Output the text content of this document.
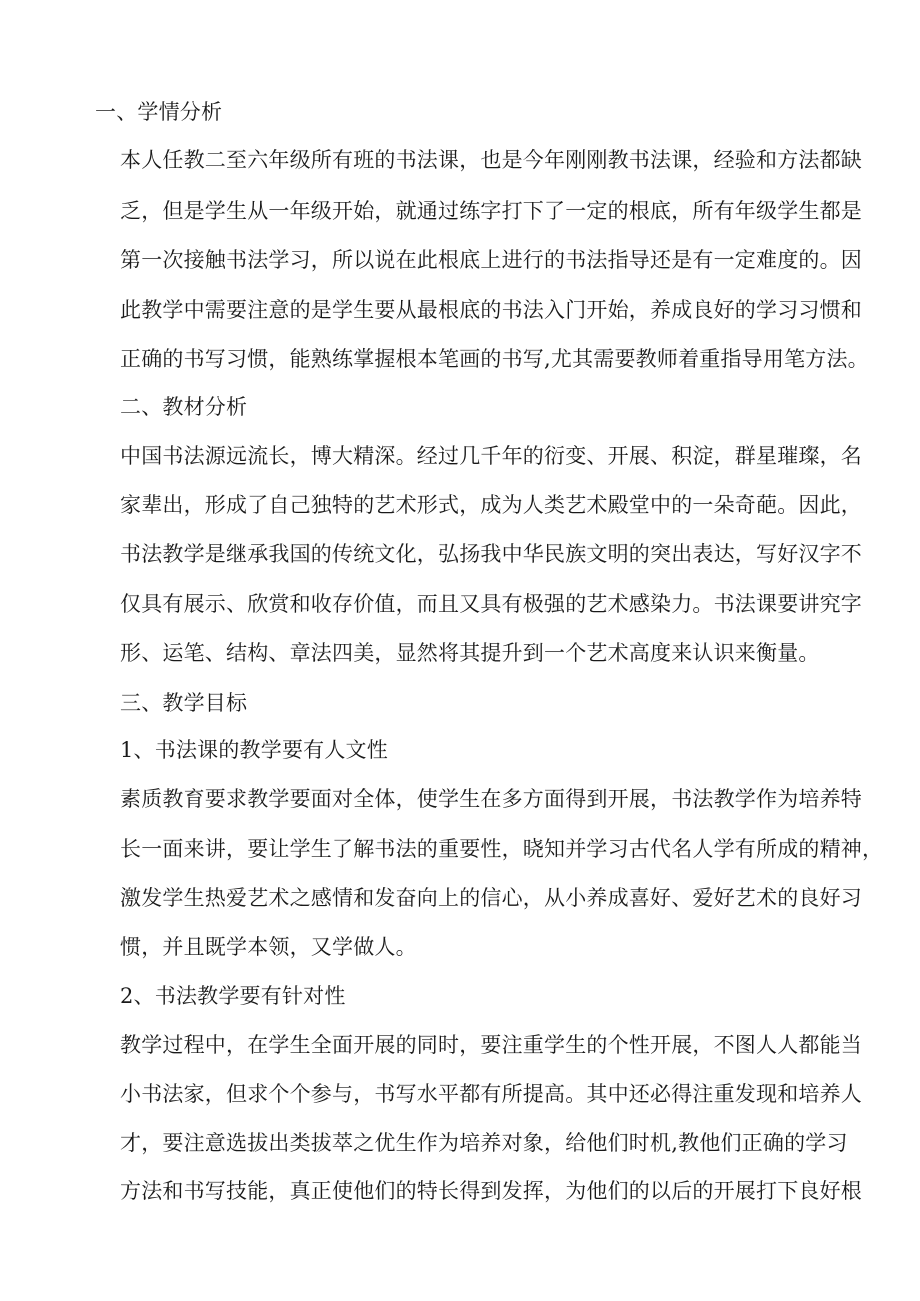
一、学情分析
本人任教二至六年级所有班的书法课，也是今年刚刚教书法课，经验和方法都缺
乏，但是学生从一年级开始，就通过练字打下了一定的根底，所有年级学生都是
第一次接触书法学习，所以说在此根底上进行的书法指导还是有一定难度的。因
此教学中需要注意的是学生要从最根底的书法入门开始，养成良好的学习习惯和
正确的书写习惯，能熟练掌握根本笔画的书写,尤其需要教师着重指导用笔方法。
二、教材分析
中国书法源远流长，博大精深。经过几千年的衍变、开展、积淀，群星璀璨，名
家辈出，形成了自己独特的艺术形式，成为人类艺术殿堂中的一朵奇葩。因此，
书法教学是继承我国的传统文化，弘扬我中华民族文明的突出表达，写好汉字不
仅具有展示、欣赏和收存价值，而且又具有极强的艺术感染力。书法课要讲究字
形、运笔、结构、章法四美，显然将其提升到一个艺术高度来认识来衡量。
三、教学目标
1、书法课的教学要有人文性
素质教育要求教学要面对全体，使学生在多方面得到开展，书法教学作为培养特
长一面来讲，要让学生了解书法的重要性，晓知并学习古代名人学有所成的精神，
激发学生热爱艺术之感情和发奋向上的信心，从小养成喜好、爱好艺术的良好习
惯，并且既学本领，又学做人。
2、书法教学要有针对性
教学过程中，在学生全面开展的同时，要注重学生的个性开展，不图人人都能当
小书法家，但求个个参与，书写水平都有所提高。其中还必得注重发现和培养人
才，要注意选拔出类拔萃之优生作为培养对象，给他们时机,教他们正确的学习
方法和书写技能，真正使他们的特长得到发挥，为他们的以后的开展打下良好根
